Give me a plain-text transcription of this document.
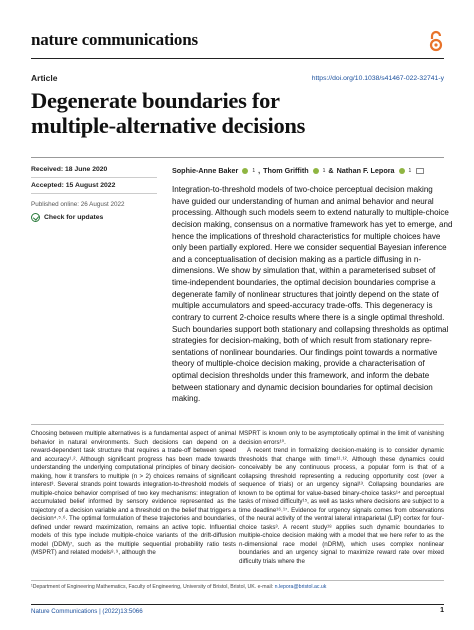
nature communications
Article	https://doi.org/10.1038/s41467-022-32741-y
Degenerate boundaries for multiple-alternative decisions
Received: 18 June 2020
Accepted: 15 August 2022
Published online: 26 August 2022
Check for updates
Sophie-Anne Baker	1 , Thom Griffith	1 & Nathan F. Lepora	1
Integration-to-threshold models of two-choice perceptual decision making
have guided our understanding of human and animal behavior and neural
processing. Although such models seem to extend naturally to multiple-choice
decision making, consensus on a normative framework has yet to emerge, and
hence the implications of threshold characteristics for multiple choices have
only been partially explored. Here we consider sequential Bayesian inference
and a conceptualisation of decision making as a particle diffusing in n-
dimensions. We show by simulation that, within a parameterised subset of
time-independent boundaries, the optimal decision boundaries comprise a
degenerate family of nonlinear structures that jointly depend on the state of
multiple accumulators and speed-accuracy trade-offs. This degeneracy is
contrary to current 2-choice results where there is a single optimal threshold.
Such boundaries support both stationary and collapsing thresholds as optimal
strategies for decision-making, both of which result from stationary repre-
sentations of nonlinear boundaries. Our findings point towards a normative
theory of multiple-choice decision making, provide a characterisation of
optimal decision thresholds under this framework, and inform the debate
between stationary and dynamic decision boundaries for optimal decision
making.

Choosing between multiple alternatives is a fundamental aspect of animal behavior in natural environments. Such decisions can depend on a reward-dependent task structure that requires a trade-off between speed and accuracy¹˒². Although significant progress has been made towards understanding the underlying computational principles of binary decision-making, how it transfers to multiple (n > 2) choices remains of significant interest³. Several strands point towards integration-to-threshold models of multiple-choice behavior comprised of two key mechanisms: integration of accumulated belief informed by sensory evidence represented as the trajectory of a decision variable and a threshold on the belief that triggers a decision⁴˒⁵˒⁶. The optimal formulation of these trajectories and boundaries, defined under reward maximization, remains an active topic. Influential models of this type include multiple-choice variants of the drift-diffusion model (DDM)⁷, such as the multiple sequential probability ratio tests (MSPRT) and related models⁸˒⁹, although the

MSPRT is known only to be asymptotically optimal in the limit of vanishing decision errors¹⁰.

A recent trend in formalizing decision-making is to consider dynamic thresholds that change with time¹¹˒¹². Although these dynamics could conceivably be any continuous process, a popular form is that of a collapsing threshold representing a reducing opportunity cost (over a sequence of trials) or an urgency signal¹³. Collapsing boundaries are known to be optimal for value-based binary-choice tasks¹⁴ and perceptual tasks of mixed difficulty¹⁵, as well as tasks where decisions are subject to a time deadline¹⁶˒¹⁷. Evidence for urgency signals comes from observations of the neural activity of the ventral lateral intraparietal (LIP) cortex for four-choice tasks³. A recent study¹⁸ applies such dynamic boundaries to multiple-choice decision making with a model that we here refer to as the n-dimensional race model (nDRM), which uses complex nonlinear boundaries and an urgency signal to maximize reward rate over mixed difficulty trials where the

¹Department of Engineering Mathematics, Faculty of Engineering, University of Bristol, Bristol, UK. e-mail: n.lepora@bristol.ac.uk
Nature Communications | (2022)13:5066	1
